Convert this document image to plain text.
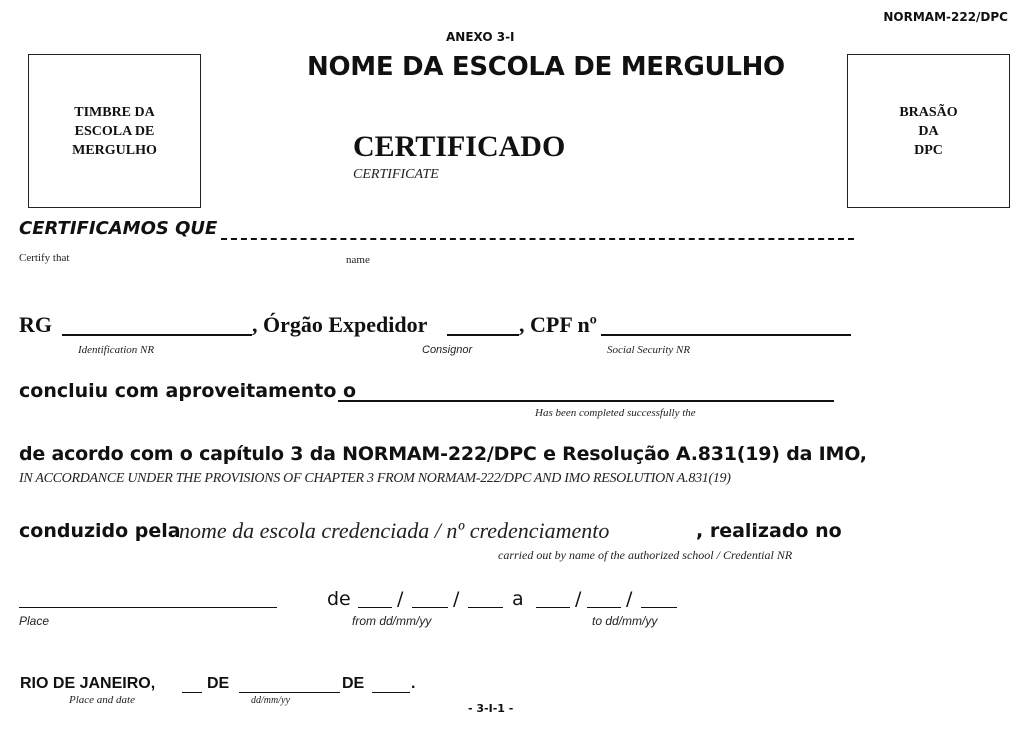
NORMAM-222/DPC
ANEXO 3-I
NOME DA ESCOLA DE MERGULHO
TIMBRE DA
ESCOLA DE
MERGULHO
BRASÃO
DA
DPC
CERTIFICADO
CERTIFICATE
CERTIFICAMOS QUE
Certify that	name
RG	, Órgão Expedidor	, CPF nº
Identification NR	Consignor	Social Security NR
concluiu com aproveitamento o
Has been completed successfully the
de acordo com o capítulo 3 da NORMAM-222/DPC e Resolução A.831(19) da IMO,
IN ACCORDANCE UNDER THE PROVISIONS OF CHAPTER 3 FROM NORMAM-222/DPC AND IMO RESOLUTION A.831(19)
conduzido pela
nome da escola credenciada / nº credenciamento	, realizado no
carried out by name of the authorized school / Credential NR
Place
de /	/	a	/ /
from dd/mm/yy	to dd/mm/yy
RIO DE JANEIRO,	DE	DE	.
Place and date	dd/mm/yy
- 3-I-1 -
